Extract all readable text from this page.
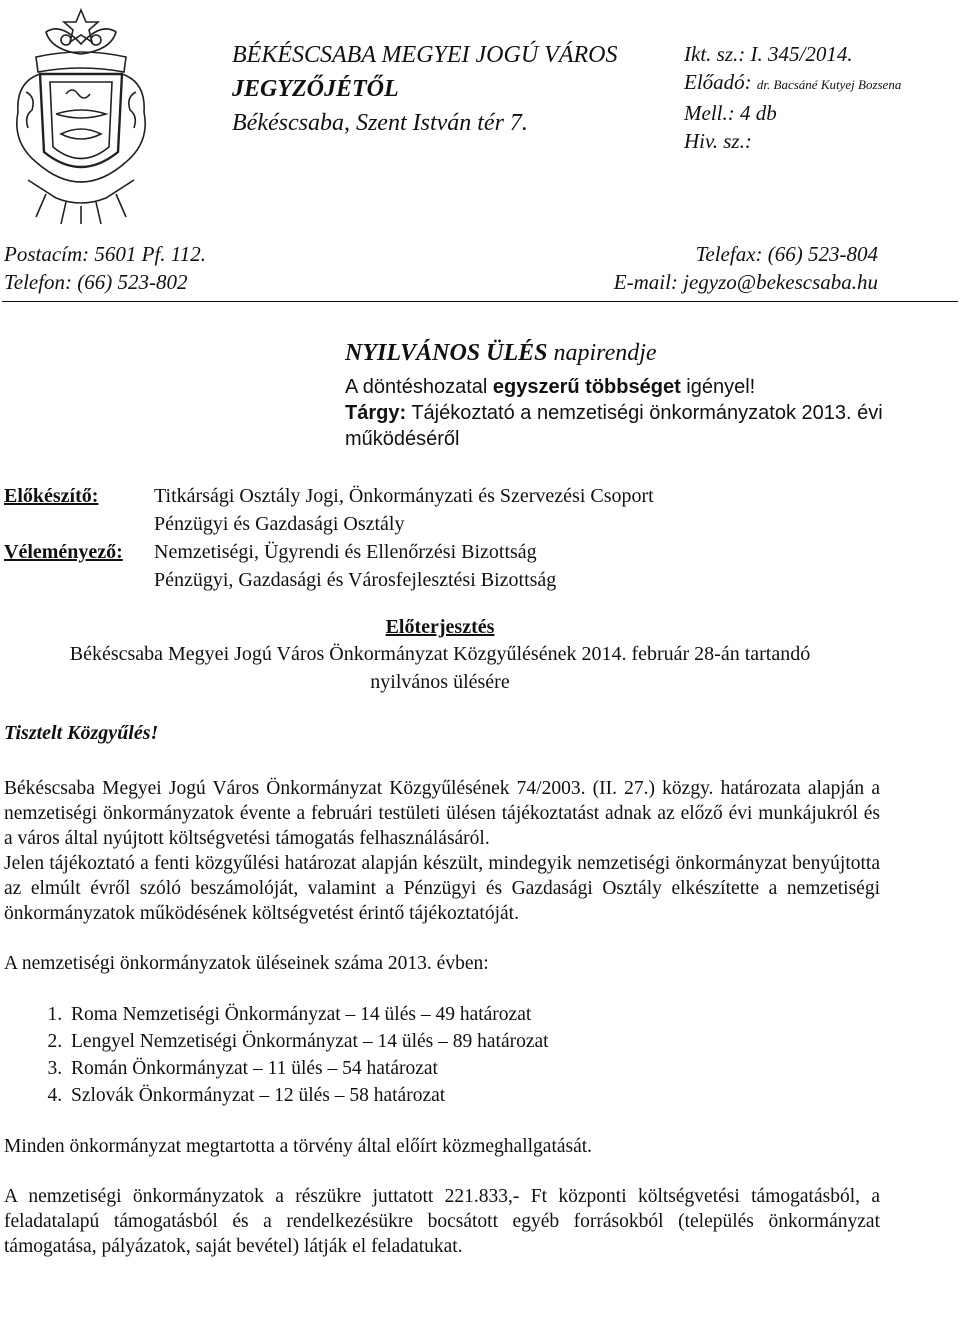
BÉKÉSCSABA MEGYEI JOGÚ VÁROS
JEGYZŐJÉTŐL
Békéscsaba, Szent István tér 7.
Ikt. sz.: I. 345/2014.
Előadó: dr. Bacsáné Kutyej Bozsena
Mell.: 4 db
Hiv. sz.:
Postacím: 5601 Pf. 112.
Telefon: (66) 523-802
Telefax: (66) 523-804
E-mail: jegyzo@bekescsaba.hu
NYILVÁNOS ÜLÉS napirendje
A döntéshozatal egyszerű többséget igényel!
Tárgy: Tájékoztató a nemzetiségi önkormányzatok 2013. évi működéséről
Előkészítő:	Titkársági Osztály Jogi, Önkormányzati és Szervezési Csoport
Pénzügyi és Gazdasági Osztály
Véleményező:	Nemzetiségi, Ügyrendi és Ellenőrzési Bizottság
Pénzügyi, Gazdasági és Városfejlesztési Bizottság
Előterjesztés
Békéscsaba Megyei Jogú Város Önkormányzat Közgyűlésének 2014. február 28-án tartandó
nyilvános ülésére
Tisztelt Közgyűlés!

Békéscsaba Megyei Jogú Város Önkormányzat Közgyűlésének 74/2003. (II. 27.) közgy. határozata alapján a nemzetiségi önkormányzatok évente a februári testületi ülésen tájékoztatást adnak az előző évi munkájukról és a város által nyújtott költségvetési támogatás felhasználásáról.

Jelen tájékoztató a fenti közgyűlési határozat alapján készült, mindegyik nemzetiségi önkormányzat benyújtotta az elmúlt évről szóló beszámolóját, valamint a Pénzügyi és Gazdasági Osztály elkészítette a nemzetiségi önkormányzatok működésének költségvetést érintő tájékoztatóját.

A nemzetiségi önkormányzatok üléseinek száma 2013. évben:

1. Roma Nemzetiségi Önkormányzat – 14 ülés – 49 határozat
2. Lengyel Nemzetiségi Önkormányzat – 14 ülés – 89 határozat
3. Román Önkormányzat – 11 ülés – 54 határozat
4. Szlovák Önkormányzat – 12 ülés – 58 határozat

Minden önkormányzat megtartotta a törvény által előírt közmeghallgatását.

A nemzetiségi önkormányzatok a részükre juttatott 221.833,- Ft központi költségvetési támogatásból, a feladatalapú támogatásból és a rendelkezésükre bocsátott egyéb forrásokból (település önkormányzat támogatása, pályázatok, saját bevétel) látják el feladatukat.
